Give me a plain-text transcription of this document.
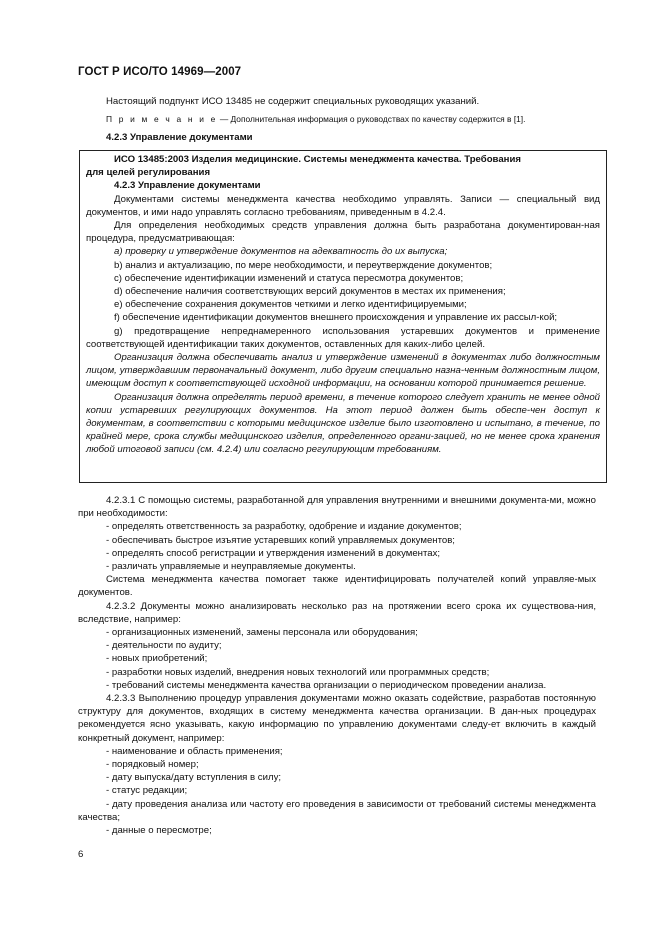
ГОСТ Р ИСО/ТО 14969—2007

Настоящий подпункт ИСО 13485 не содержит специальных руководящих указаний.

П р и м е ч а н и е — Дополнительная информация о руководствах по качеству содержится в [1].

4.2.3 Управление документами

ИСО 13485:2003 Изделия медицинские. Системы менеджмента качества. Требования

для целей регулирования

4.2.3 Управление документами

Документами системы менеджмента качества необходимо управлять. Записи — специальный вид документов, и ими надо управлять согласно требованиям, приведенным в 4.2.4.

Для определения необходимых средств управления должна быть разработана документирован-ная процедура, предусматривающая:

a) проверку и утверждение документов на адекватность до их выпуска;
b) анализ и актуализацию, по мере необходимости, и переутверждение документов;
c) обеспечение идентификации изменений и статуса пересмотра документов;
d) обеспечение наличия соответствующих версий документов в местах их применения;
e) обеспечение сохранения документов четкими и легко идентифицируемыми;
f) обеспечение идентификации документов внешнего происхождения и управление их рассыл-кой;
g) предотвращение непреднамеренного использования устаревших документов и применение соответствующей идентификации таких документов, оставленных для каких-либо целей.

Организация должна обеспечивать анализ и утверждение изменений в документах либо должностным лицом, утверждавшим первоначальный документ, либо другим специально назна-ченным должностным лицом, имеющим доступ к соответствующей исходной информации, на основании которой принимается решение.

Организация должна определять период времени, в течение которого следует хранить не менее одной копии устаревших регулирующих документов. На этот период должен быть обеспе-чен доступ к документам, в соответствии с которыми медицинское изделие было изготовлено и испытано, в течение, по крайней мере, срока службы медицинского изделия, определенного органи-зацией, но не менее срока хранения любой итоговой записи (см. 4.2.4) или согласно регулирующим требованиям.

4.2.3.1 С помощью системы, разработанной для управления внутренними и внешними документа-ми, можно при необходимости:

- определять ответственность за разработку, одобрение и издание документов;
- обеспечивать быстрое изъятие устаревших копий управляемых документов;
- определять способ регистрации и утверждения изменений в документах;
- различать управляемые и неуправляемые документы.

Система менеджмента качества помогает также идентифицировать получателей копий управляе-мых документов.

4.2.3.2 Документы можно анализировать несколько раз на протяжении всего срока их существова-ния, вследствие, например:

- организационных изменений, замены персонала или оборудования;
- деятельности по аудиту;
- новых приобретений;
- разработки новых изделий, внедрения новых технологий или программных средств;
- требований системы менеджмента качества организации о периодическом проведении анализа.

4.2.3.3 Выполнению процедур управления документами можно оказать содействие, разработав постоянную структуру для документов, входящих в систему менеджмента качества организации. В дан-ных процедурах рекомендуется ясно указывать, какую информацию по управлению документами следу-ет включить в каждый конкретный документ, например:

- наименование и область применения;
- порядковый номер;
- дату выпуска/дату вступления в силу;
- статус редакции;
- дату проведения анализа или частоту его проведения в зависимости от требований системы менеджмента качества;
- данные о пересмотре;
6
